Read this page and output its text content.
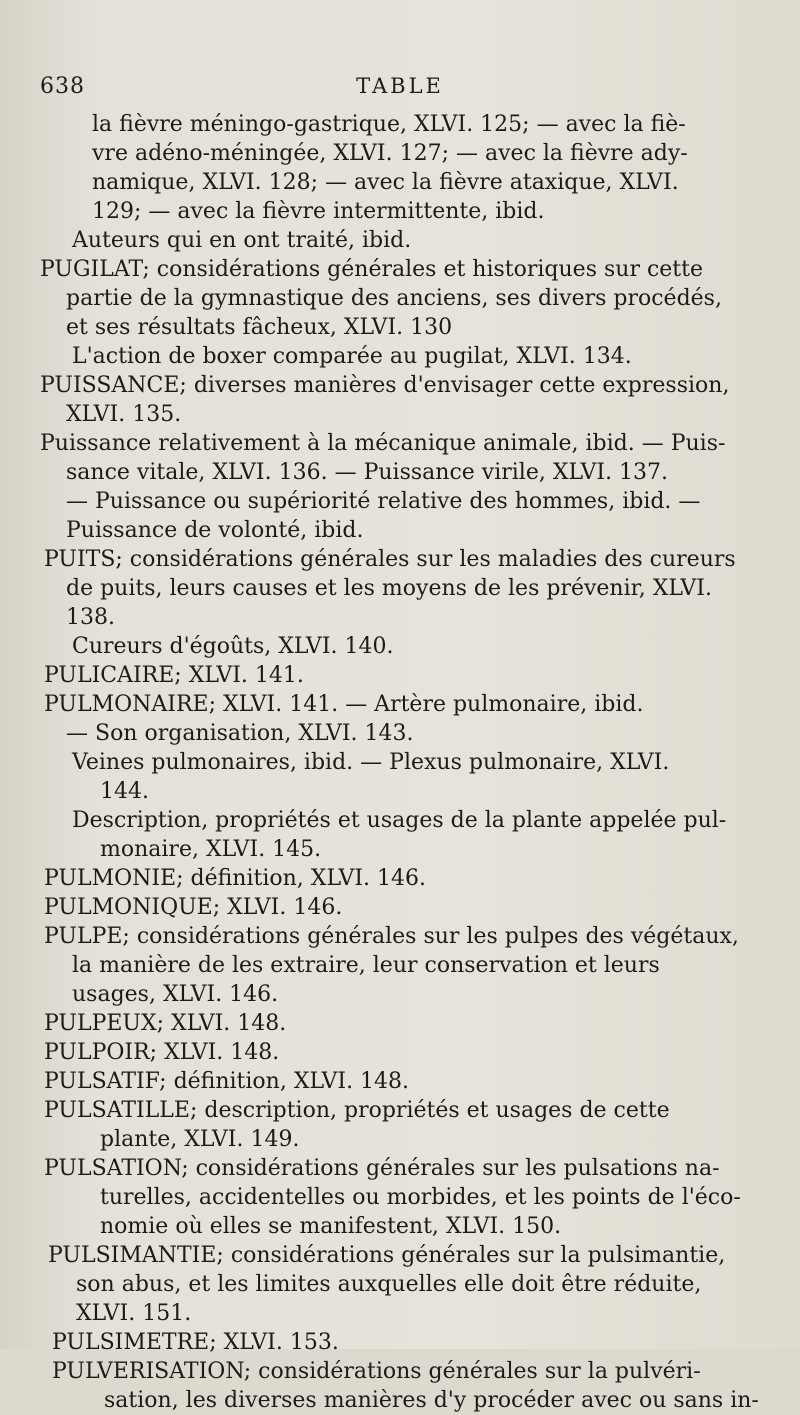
638	TABLE
la fièvre méningo-gastrique, XLVI. 125; — avec la fiè-
vre adéno-méningée, XLVI. 127; — avec la fièvre ady-
namique, XLVI. 128; — avec la fièvre ataxique, XLVI.
129; — avec la fièvre intermittente, ibid.
Auteurs qui en ont traité, ibid.
PUGILAT; considérations générales et historiques sur cette
partie de la gymnastique des anciens, ses divers procédés,
et ses résultats fâcheux, XLVI. 130
L'action de boxer comparée au pugilat, XLVI. 134.
PUISSANCE; diverses manières d'envisager cette expression,
XLVI. 135.
Puissance relativement à la mécanique animale, ibid. — Puis-
sance vitale, XLVI. 136. — Puissance virile, XLVI. 137.
— Puissance ou supériorité relative des hommes, ibid. —
Puissance de volonté, ibid.
PUITS; considérations générales sur les maladies des cureurs
de puits, leurs causes et les moyens de les prévenir, XLVI.
138.
Cureurs d'égoûts, XLVI. 140.
PULICAIRE; XLVI. 141.
PULMONAIRE; XLVI. 141. — Artère pulmonaire, ibid.
— Son organisation, XLVI. 143.
Veines pulmonaires, ibid. — Plexus pulmonaire, XLVI.
144.
Description, propriétés et usages de la plante appelée pul-
monaire, XLVI. 145.
PULMONIE; définition, XLVI. 146.
PULMONIQUE; XLVI. 146.
PULPE; considérations générales sur les pulpes des végétaux,
la manière de les extraire, leur conservation et leurs
usages, XLVI. 146.
PULPEUX; XLVI. 148.
PULPOIR; XLVI. 148.
PULSATIF; définition, XLVI. 148.
PULSATILLE; description, propriétés et usages de cette
plante, XLVI. 149.
PULSATION; considérations générales sur les pulsations na-
turelles, accidentelles ou morbides, et les points de l'éco-
nomie où elles se manifestent, XLVI. 150.
PULSIMANTIE; considérations générales sur la pulsimantie,
son abus, et les limites auxquelles elle doit être réduite,
XLVI. 151.
PULSIMETRE; XLVI. 153.
PULVERISATION; considérations générales sur la pulvéri-
sation, les diverses manières d'y procéder avec ou sans in-
